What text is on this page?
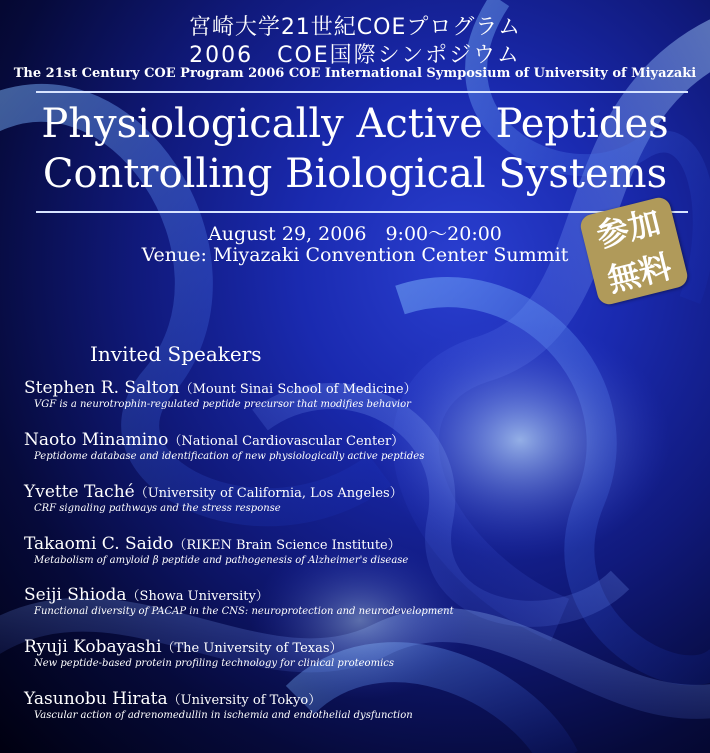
宮崎大学21世紀COEプログラム
2006　COE国際シンポジウム
The 21st Century COE Program 2006 COE International Symposium of University of Miyazaki
Physiologically Active Peptides
Controlling Biological Systems
August 29, 2006　9:00～20:00
Venue: Miyazaki Convention Center Summit
参加
無料
Invited Speakers
Stephen R. Salton（Mount Sinai School of Medicine）
VGF is a neurotrophin-regulated peptide precursor that modifies behavior
Naoto Minamino（National Cardiovascular Center）
Peptidome database and identification of new physiologically active peptides
Yvette Taché（University of California, Los Angeles）
CRF signaling pathways and the stress response
Takaomi C. Saido（RIKEN Brain Science Institute）
Metabolism of amyloid β peptide and pathogenesis of Alzheimer's disease
Seiji Shioda（Showa University）
Functional diversity of PACAP in the CNS: neuroprotection and neurodevelopment
Ryuji Kobayashi（The University of Texas）
New peptide-based protein profiling technology for clinical proteomics
Yasunobu Hirata（University of Tokyo）
Vascular action of adrenomedullin in ischemia and endothelial dysfunction
